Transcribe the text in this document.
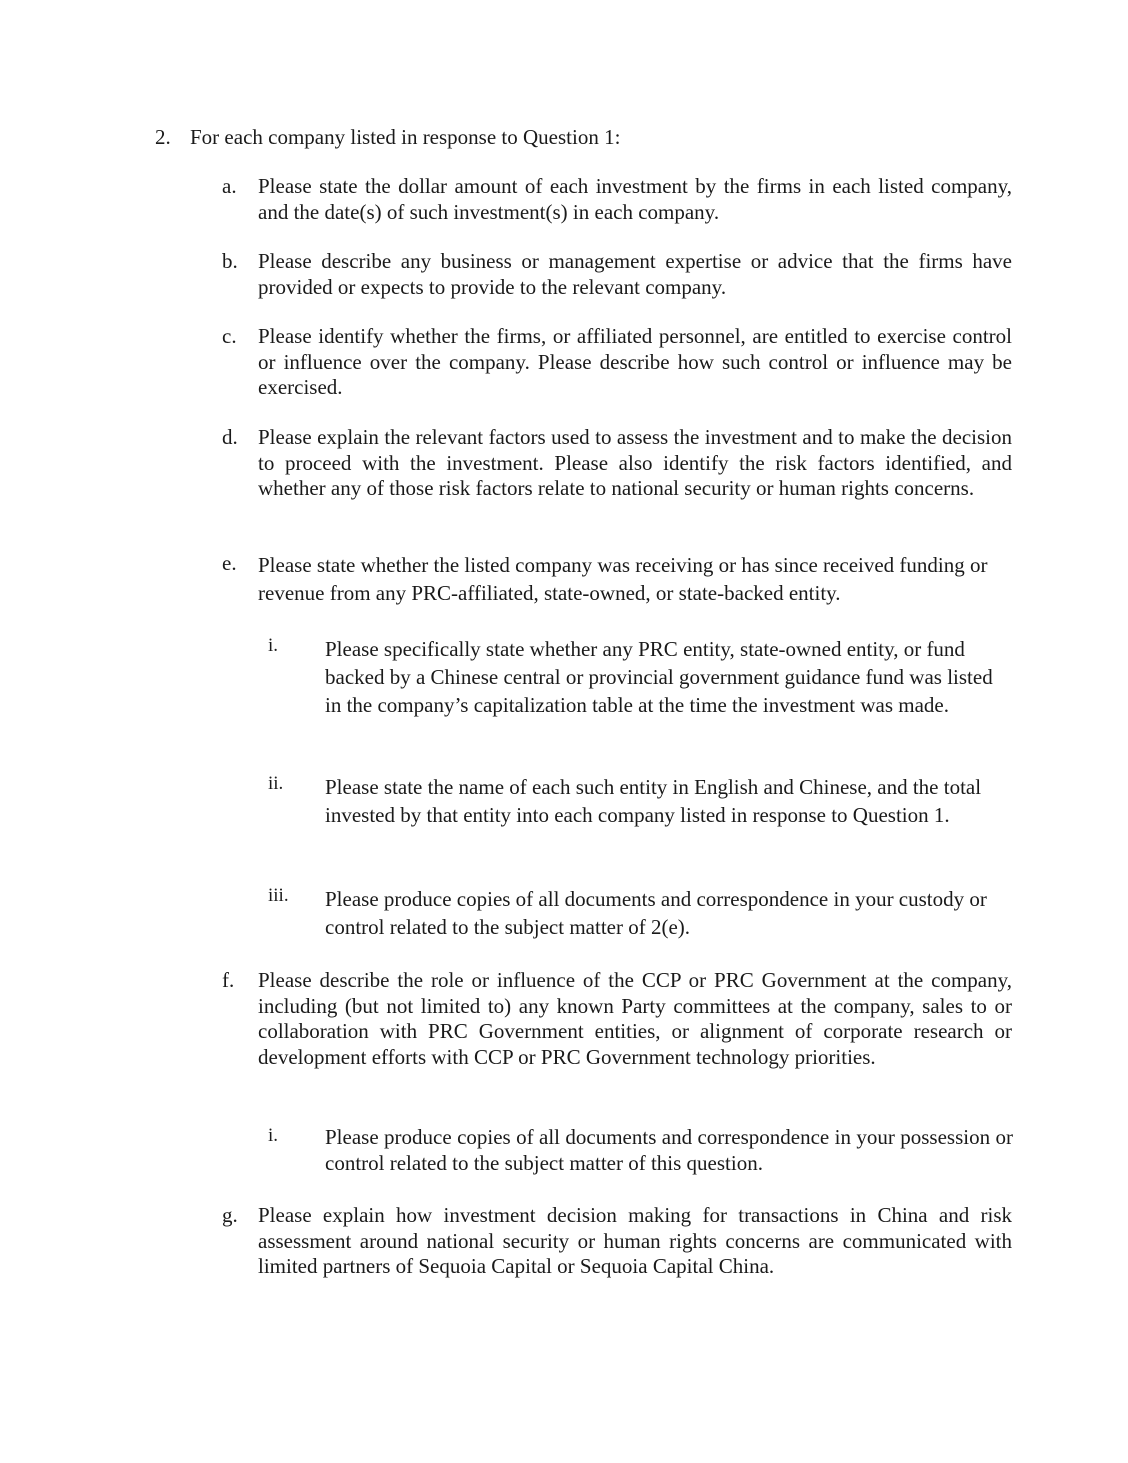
2. For each company listed in response to Question 1:
a.	Please state the dollar amount of each investment by the firms in each listed company, and the date(s) of such investment(s) in each company.
b. Please describe any business or management expertise or advice that the firms have provided or expects to provide to the relevant company.
c.	Please identify whether the firms, or affiliated personnel, are entitled to exercise control or influence over the company. Please describe how such control or influence may be exercised.
d. Please explain the relevant factors used to assess the investment and to make the decision to proceed with the investment. Please also identify the risk factors identified, and whether any of those risk factors relate to national security or human rights concerns.
e.	Please state whether the listed company was receiving or has since received funding or revenue from any PRC-affiliated, state-owned, or state-backed entity.
i.	Please specifically state whether any PRC entity, state-owned entity, or fund backed by a Chinese central or provincial government guidance fund was listed in the company’s capitalization table at the time the investment was made.
ii.	Please state the name of each such entity in English and Chinese, and the total invested by that entity into each company listed in response to Question 1.
iii.	Please produce copies of all documents and correspondence in your custody or control related to the subject matter of 2(e).
f.	Please describe the role or influence of the CCP or PRC Government at the company, including (but not limited to) any known Party committees at the company, sales to or collaboration with PRC Government entities, or alignment of corporate research or development efforts with CCP or PRC Government technology priorities.
i.	Please produce copies of all documents and correspondence in your possession or control related to the subject matter of this question.
g. Please explain how investment decision making for transactions in China and risk assessment around national security or human rights concerns are communicated with limited partners of Sequoia Capital or Sequoia Capital China.
